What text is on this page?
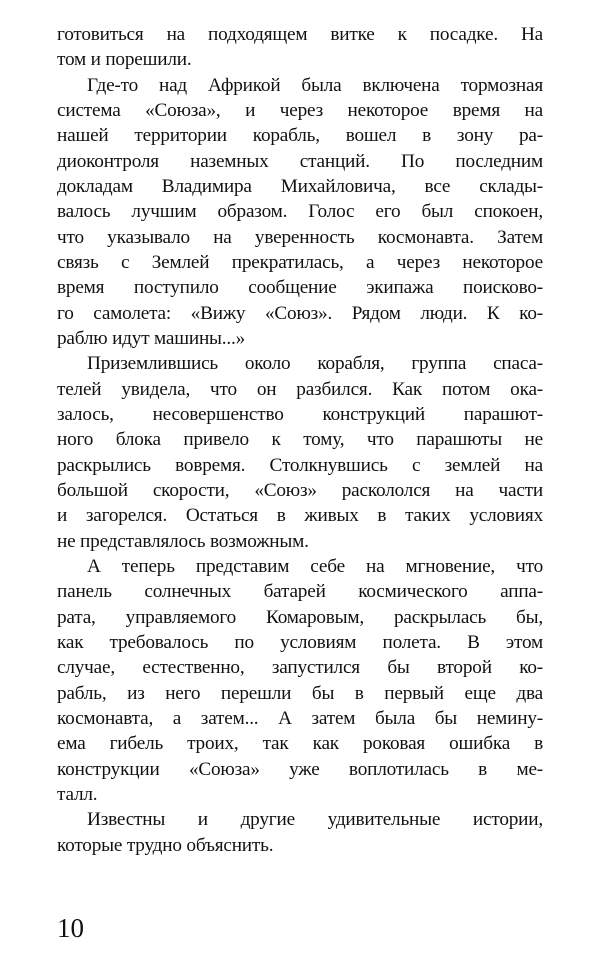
готовиться на подходящем витке к посадке. На
том и порешили.
Где-то над Африкой была включена тормозная
система «Союза», и через некоторое время на
нашей территории корабль, вошел в зону ра-
диоконтроля наземных станций. По последним
докладам Владимира Михайловича, все склады-
валось лучшим образом. Голос его был спокоен,
что указывало на уверенность космонавта. Затем
связь с Землей прекратилась, а через некоторое
время поступило сообщение экипажа поисково-
го самолета: «Вижу «Союз». Рядом люди. К ко-
раблю идут машины...»
Приземлившись около корабля, группа спаса-
телей увидела, что он разбился. Как потом ока-
залось, несовершенство конструкций парашют-
ного блока привело к тому, что парашюты не
раскрылись вовремя. Столкнувшись с землей на
большой скорости, «Союз» раскололся на части
и загорелся. Остаться в живых в таких условиях
не представлялось возможным.
А теперь представим себе на мгновение, что
панель солнечных батарей космического аппа-
рата, управляемого Комаровым, раскрылась бы,
как требовалось по условиям полета. В этом
случае, естественно, запустился бы второй ко-
рабль, из него перешли бы в первый еще два
космонавта, а затем... А затем была бы немину-
ема гибель троих, так как роковая ошибка в
конструкции «Союза» уже воплотилась в ме-
талл.
Известны и другие удивительные истории,
которые трудно объяснить.
10
